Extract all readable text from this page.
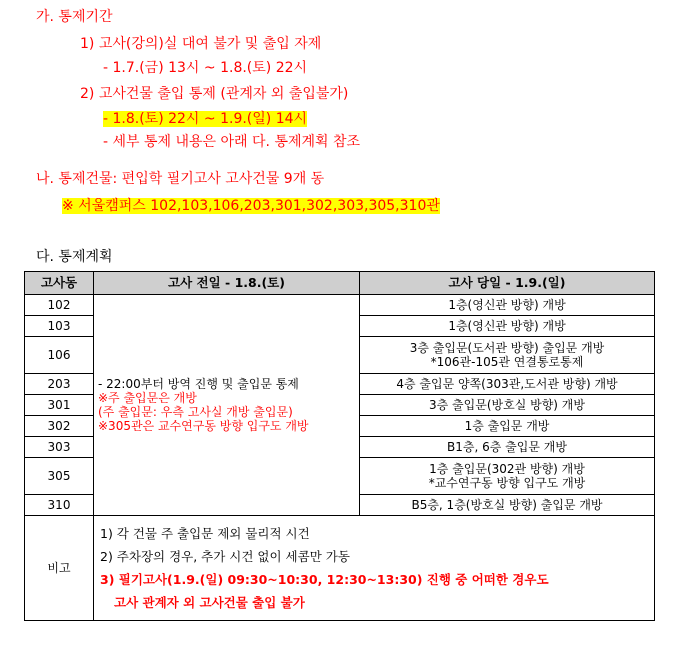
가. 통제기간
1) 고사(강의)실 대여 불가 및 출입 자제
- 1.7.(금) 13시 ~ 1.8.(토) 22시
2) 고사건물 출입 통제 (관계자 외 출입불가)
- 1.8.(토) 22시 ~ 1.9.(일) 14시
- 세부 통제 내용은 아래 다. 통제계획 참조
나. 통제건물: 편입학 필기고사 고사건물 9개 동
※ 서울캠퍼스 102,103,106,203,301,302,303,305,310관
다. 통제계획
고사동	고사 전일 - 1.8.(토)	고사 당일 - 1.9.(일)
102	- 22:00부터 방역 진행 및 출입문 통제
※주 출입문은 개방
(주 출입문: 우측 고사실 개방 출입문)
※305관은 교수연구동 방향 입구도 개방	1층(영신관 방향) 개방
103		1층(영신관 방향) 개방
106		3층 출입문(도서관 방향) 출입문 개방
*106관-105관 연결통로통제

203		4층 출입문 양쪽(303관,도서관 방향) 개방
301		3층 출입문(방호실 방향) 개방
302		1층 출입문 개방
303		B1층, 6층 출입문 개방
305		1층 출입문(302관 방향) 개방
*교수연구동 방향 입구도 개방

310		B5층, 1층(방호실 방향) 출입문 개방
비고	1) 각 건물 주 출입문 제외 물리적 시건
2) 주차장의 경우, 추가 시건 없이 세콤만 가동
3) 필기고사(1.9.(일) 09:30~10:30, 12:30~13:30) 진행 중 어떠한 경우도
고사 관계자 외 고사건물 출입 불가	
